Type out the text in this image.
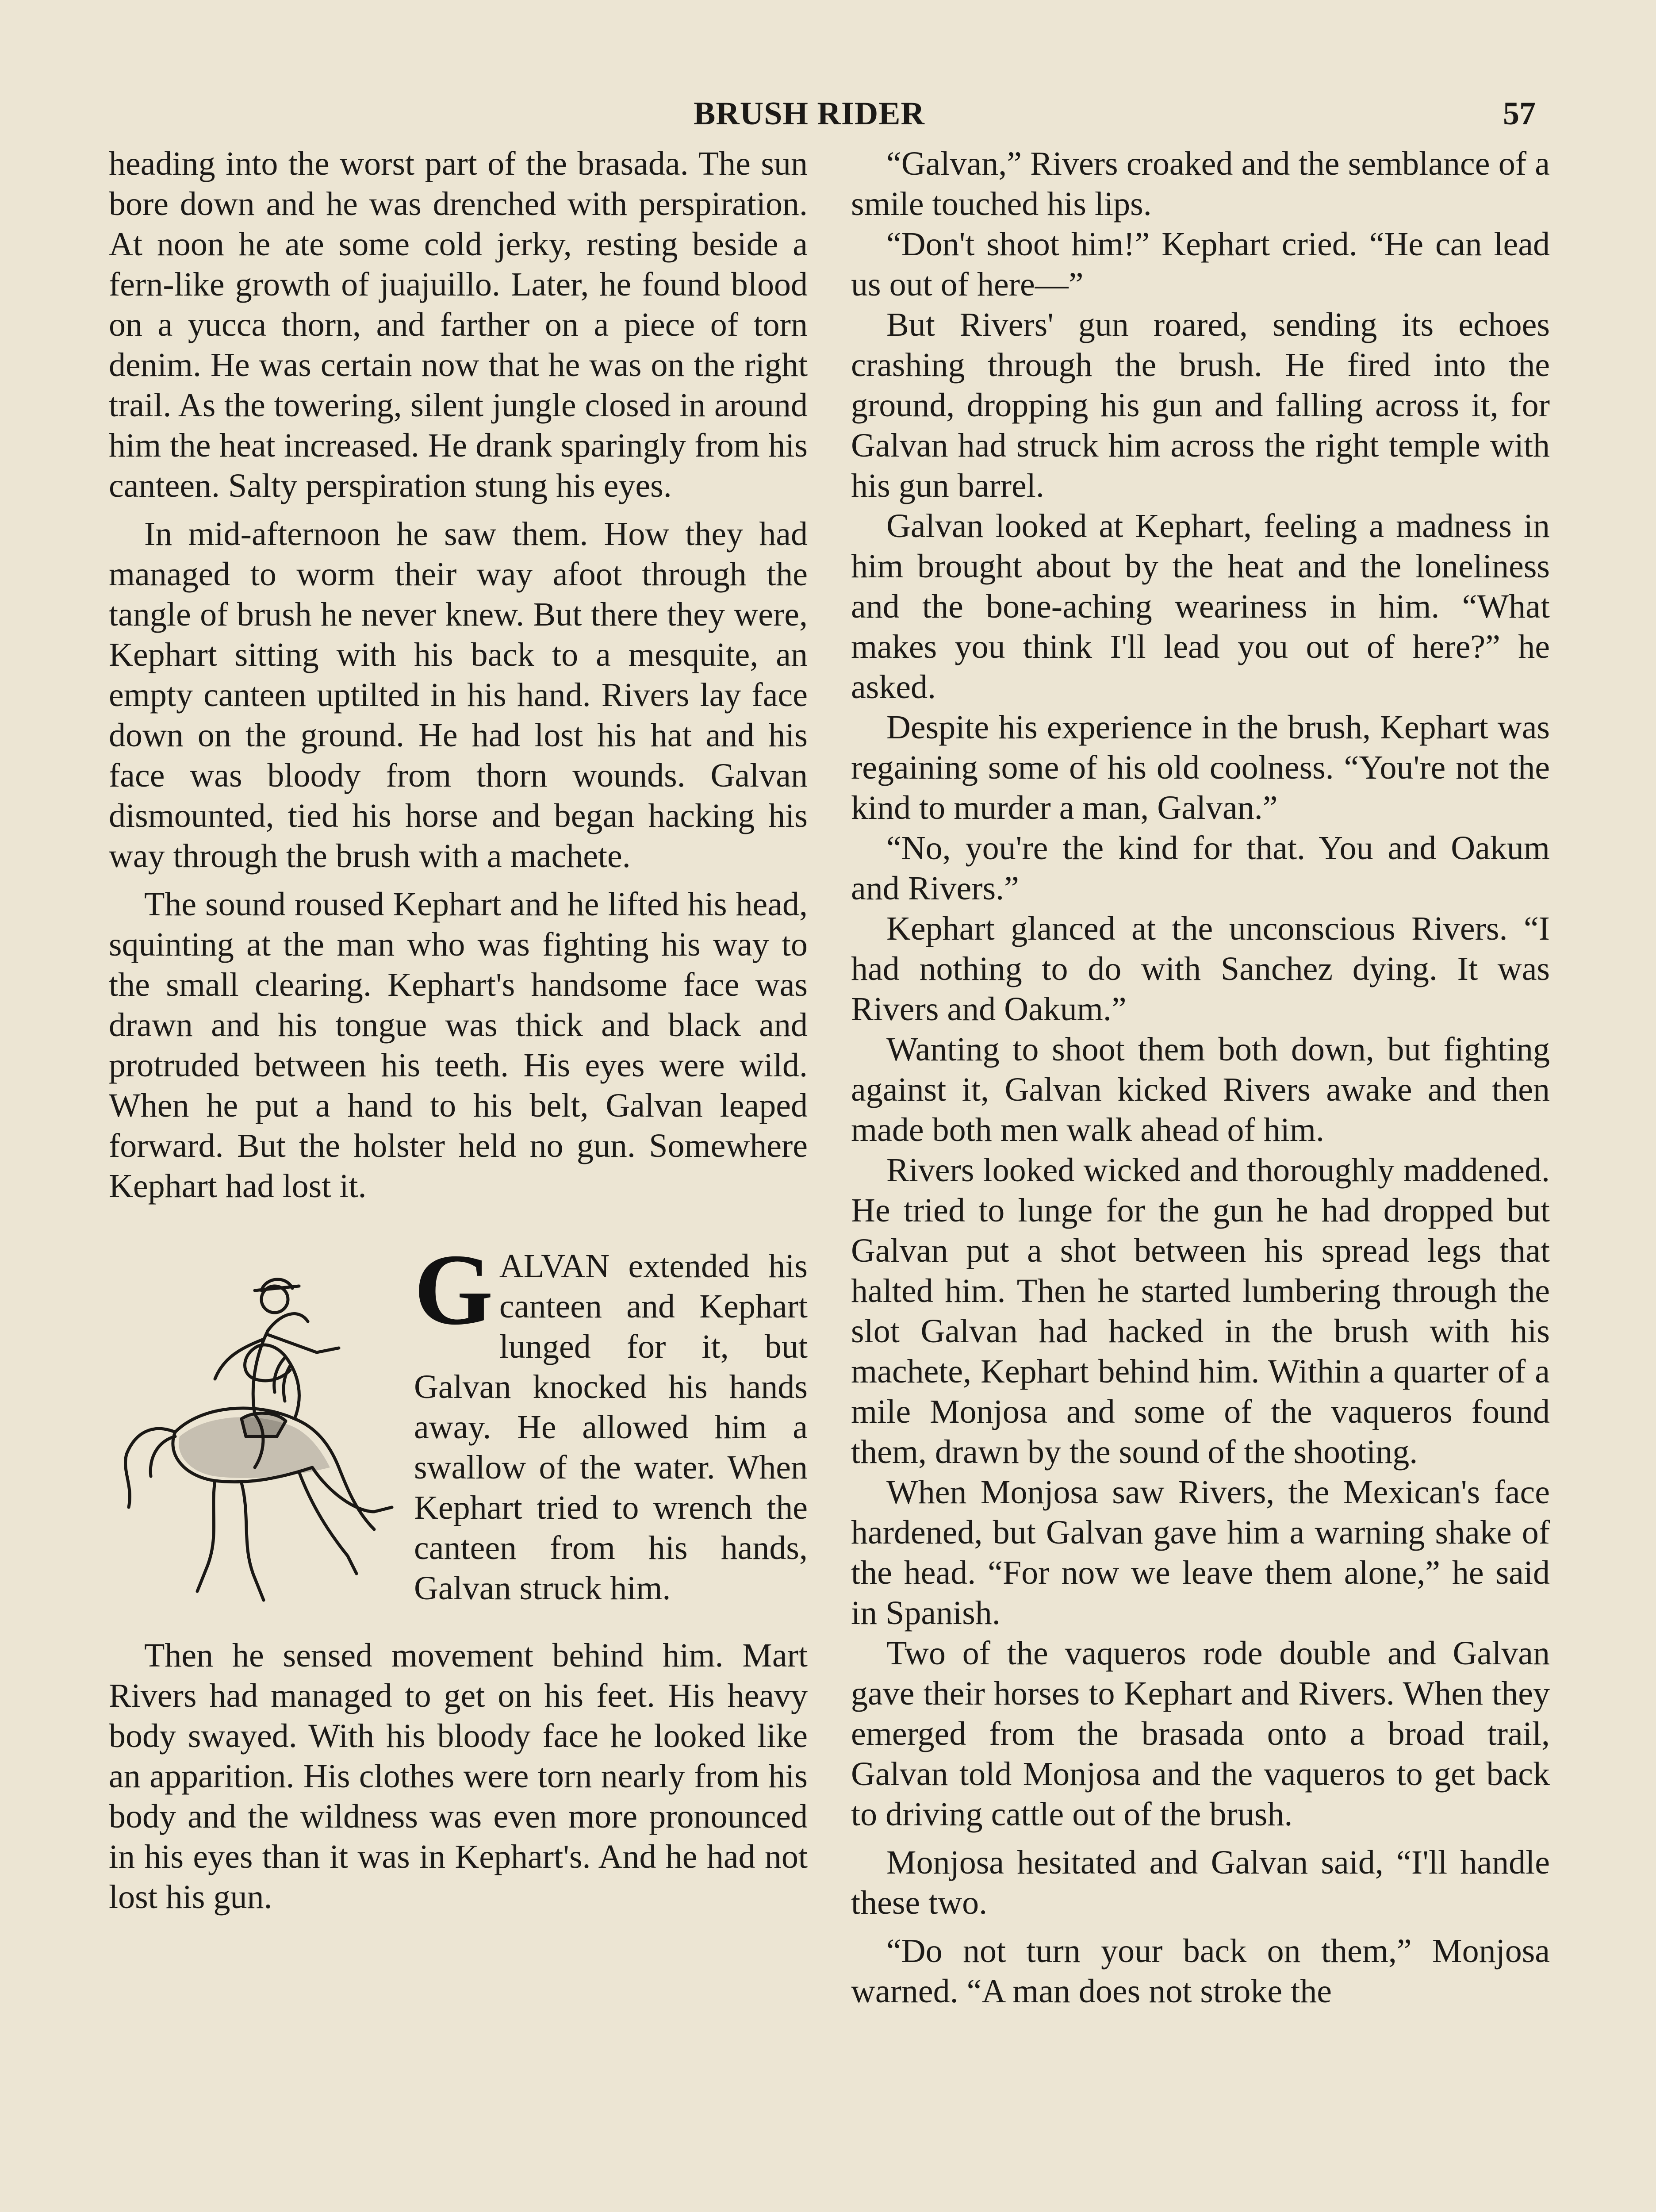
BRUSH RIDER	57

heading into the worst part of the brasada. The sun bore down and he was drenched with perspiration. At noon he ate some cold jerky, resting beside a fern-like growth of juajuillo. Later, he found blood on a yucca thorn, and farther on a piece of torn denim. He was certain now that he was on the right trail. As the towering, silent jungle closed in around him the heat increased. He drank sparingly from his canteen. Salty perspiration stung his eyes.

In mid-afternoon he saw them. How they had managed to worm their way afoot through the tangle of brush he never knew. But there they were, Kephart sitting with his back to a mesquite, an empty canteen uptilted in his hand. Rivers lay face down on the ground. He had lost his hat and his face was bloody from thorn wounds. Galvan dismounted, tied his horse and began hacking his way through the brush with a machete.

The sound roused Kephart and he lifted his head, squinting at the man who was fighting his way to the small clearing. Kephart's handsome face was drawn and his tongue was thick and black and protruded between his teeth. His eyes were wild. When he put a hand to his belt, Galvan leaped forward. But the holster held no gun. Somewhere Kephart had lost it.

G ALVAN extended his canteen and Kephart lunged for it, but Galvan knocked his hands away. He allowed him a swallow of the water. When Kephart tried to wrench the canteen from his hands, Galvan struck him.

Then he sensed movement behind him. Mart Rivers had managed to get on his feet. His heavy body swayed. With his bloody face he looked like an apparition. His clothes were torn nearly from his body and the wildness was even more pronounced in his eyes than it was in Kephart's. And he had not lost his gun.

“Galvan,” Rivers croaked and the semblance of a smile touched his lips.

“Don't shoot him!” Kephart cried. “He can lead us out of here—”

But Rivers' gun roared, sending its echoes crashing through the brush. He fired into the ground, dropping his gun and falling across it, for Galvan had struck him across the right temple with his gun barrel.

Galvan looked at Kephart, feeling a madness in him brought about by the heat and the loneliness and the bone-aching weariness in him. “What makes you think I'll lead you out of here?” he asked.

Despite his experience in the brush, Kephart was regaining some of his old coolness. “You're not the kind to murder a man, Galvan.”

“No, you're the kind for that. You and Oakum and Rivers.”

Kephart glanced at the unconscious Rivers. “I had nothing to do with Sanchez dying. It was Rivers and Oakum.”

Wanting to shoot them both down, but fighting against it, Galvan kicked Rivers awake and then made both men walk ahead of him.

Rivers looked wicked and thoroughly maddened. He tried to lunge for the gun he had dropped but Galvan put a shot between his spread legs that halted him. Then he started lumbering through the slot Galvan had hacked in the brush with his machete, Kephart behind him. Within a quarter of a mile Monjosa and some of the vaqueros found them, drawn by the sound of the shooting.

When Monjosa saw Rivers, the Mexican's face hardened, but Galvan gave him a warning shake of the head. “For now we leave them alone,” he said in Spanish.

Two of the vaqueros rode double and Galvan gave their horses to Kephart and Rivers. When they emerged from the brasada onto a broad trail, Galvan told Monjosa and the vaqueros to get back to driving cattle out of the brush.

Monjosa hesitated and Galvan said, “I'll handle these two.

“Do not turn your back on them,” Monjosa warned. “A man does not stroke the
